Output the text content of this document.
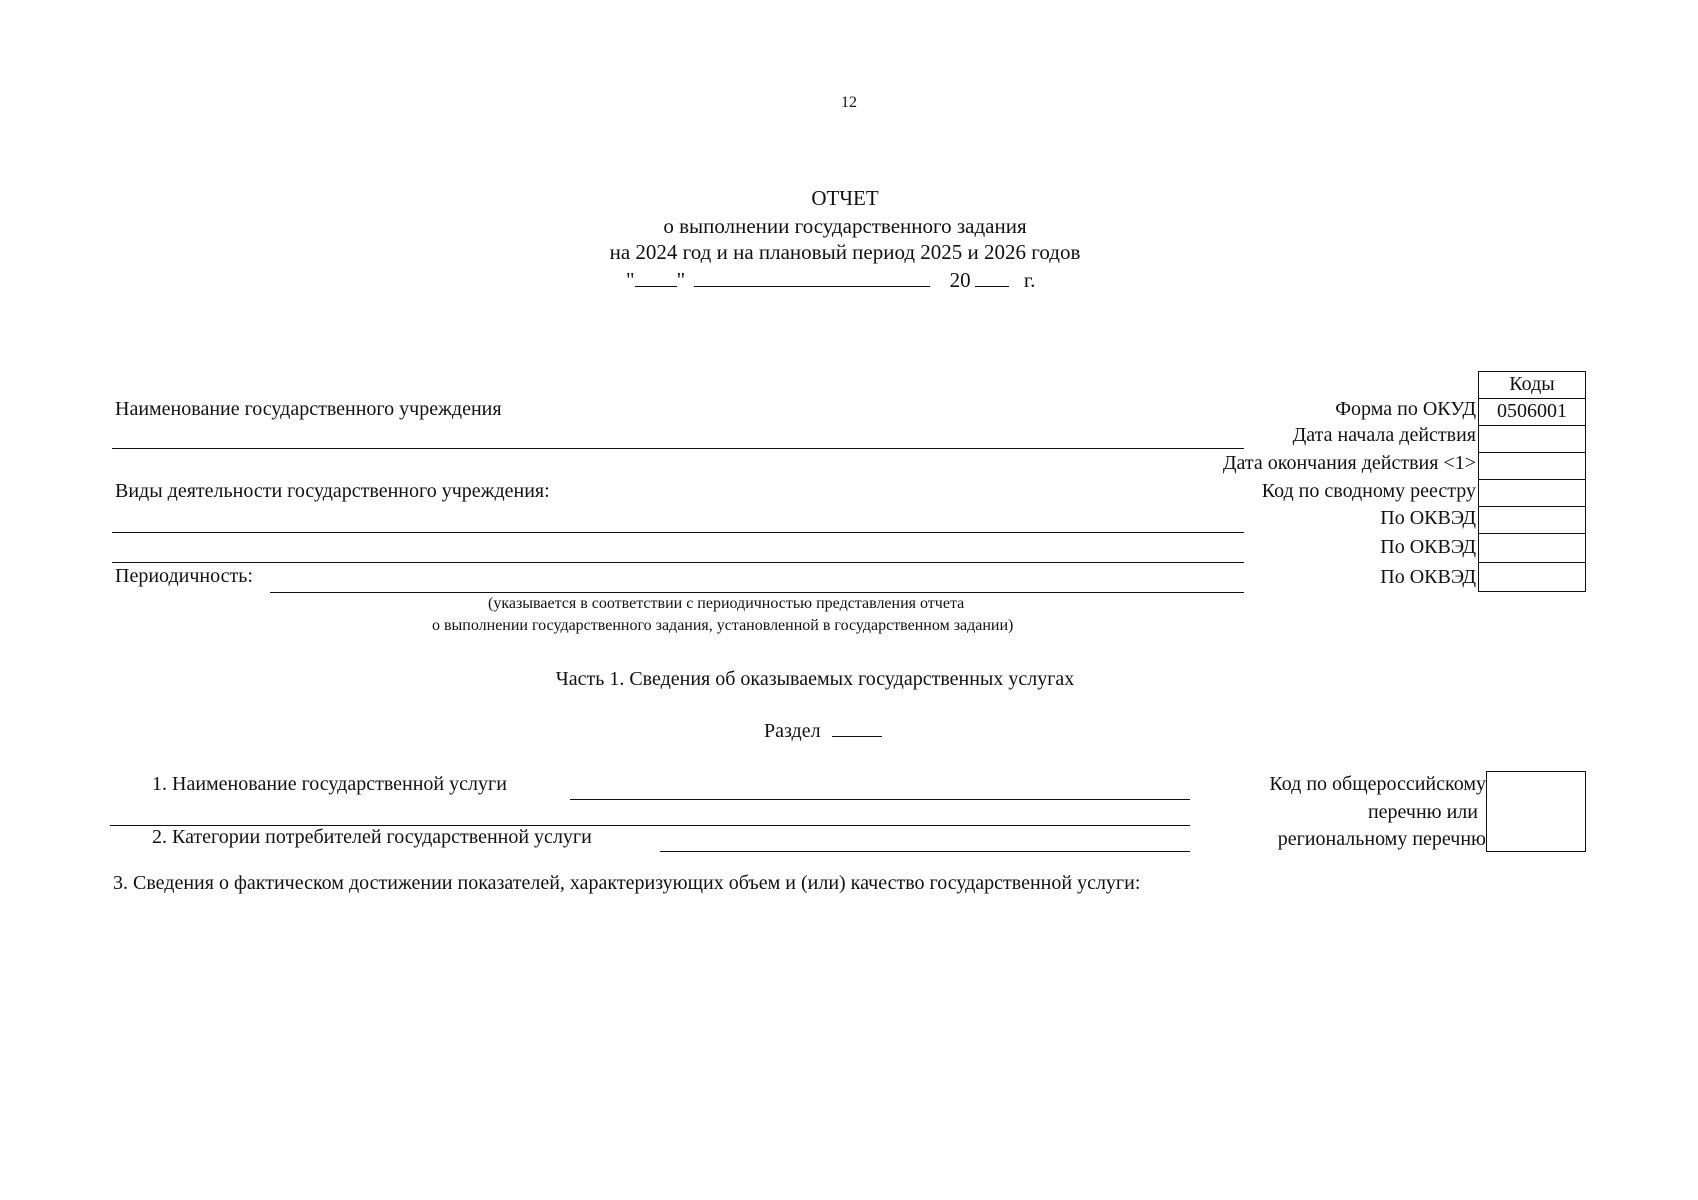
12
ОТЧЕТ
о выполнении государственного задания
на 2024 год и на плановый период 2025 и 2026 годов
" "	20	г.
Наименование государственного учреждения
Виды деятельности государственного учреждения:
Периодичность:
(указывается в соответствии с периодичностью представления отчета
о выполнении государственного задания, установленной в государственном задании)
Коды
Форма по ОКУД	0506001
Дата начала действия
Дата окончания действия <1>
Код по сводному реестру
По ОКВЭД
По ОКВЭД
По ОКВЭД
Часть 1. Сведения об оказываемых государственных услугах
Раздел
1. Наименование государственной услуги
2. Категории потребителей государственной услуги
Код по общероссийскому
перечню или
региональному перечню
3. Сведения о фактическом достижении показателей, характеризующих объем и (или) качество государственной услуги:
